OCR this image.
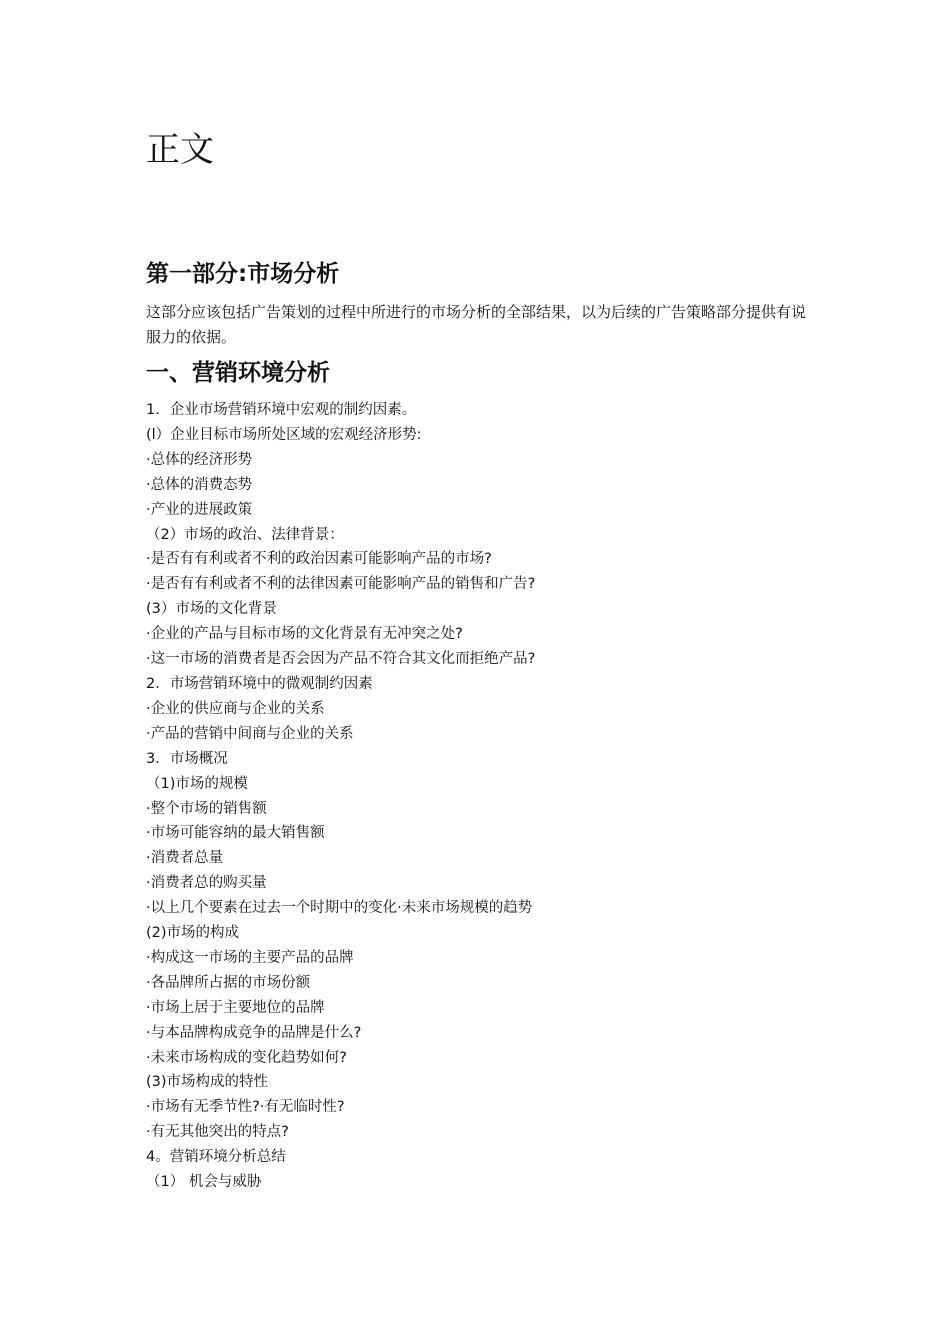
正文
第一部分:市场分析

这部分应该包括广告策划的过程中所进行的市场分析的全部结果，以为后续的广告策略部分提供有说服力的依据。

一、营销环境分析
1．企业市场营销环境中宏观的制约因素。
(l）企业目标市场所处区域的宏观经济形势:
·总体的经济形势
·总体的消费态势
·产业的进展政策
（2）市场的政治、法律背景：
·是否有有利或者不利的政治因素可能影响产品的市场?
·是否有有利或者不利的法律因素可能影响产品的销售和广告?
(3）市场的文化背景
·企业的产品与目标市场的文化背景有无冲突之处?
·这一市场的消费者是否会因为产品不符合其文化而拒绝产品?
2．市场营销环境中的微观制约因素
·企业的供应商与企业的关系
·产品的营销中间商与企业的关系
3．市场概况
（1)市场的规模
·整个市场的销售额
·市场可能容纳的最大销售额
·消费者总量
·消费者总的购买量
·以上几个要素在过去一个时期中的变化·未来市场规模的趋势
(2)市场的构成
·构成这一市场的主要产品的品牌
·各品牌所占据的市场份额
·市场上居于主要地位的品牌
·与本品牌构成竞争的品牌是什么?
·未来市场构成的变化趋势如何?
(3)市场构成的特性
·市场有无季节性?·有无临时性?
·有无其他突出的特点?
4。营销环境分析总结
（1） 机会与威胁
